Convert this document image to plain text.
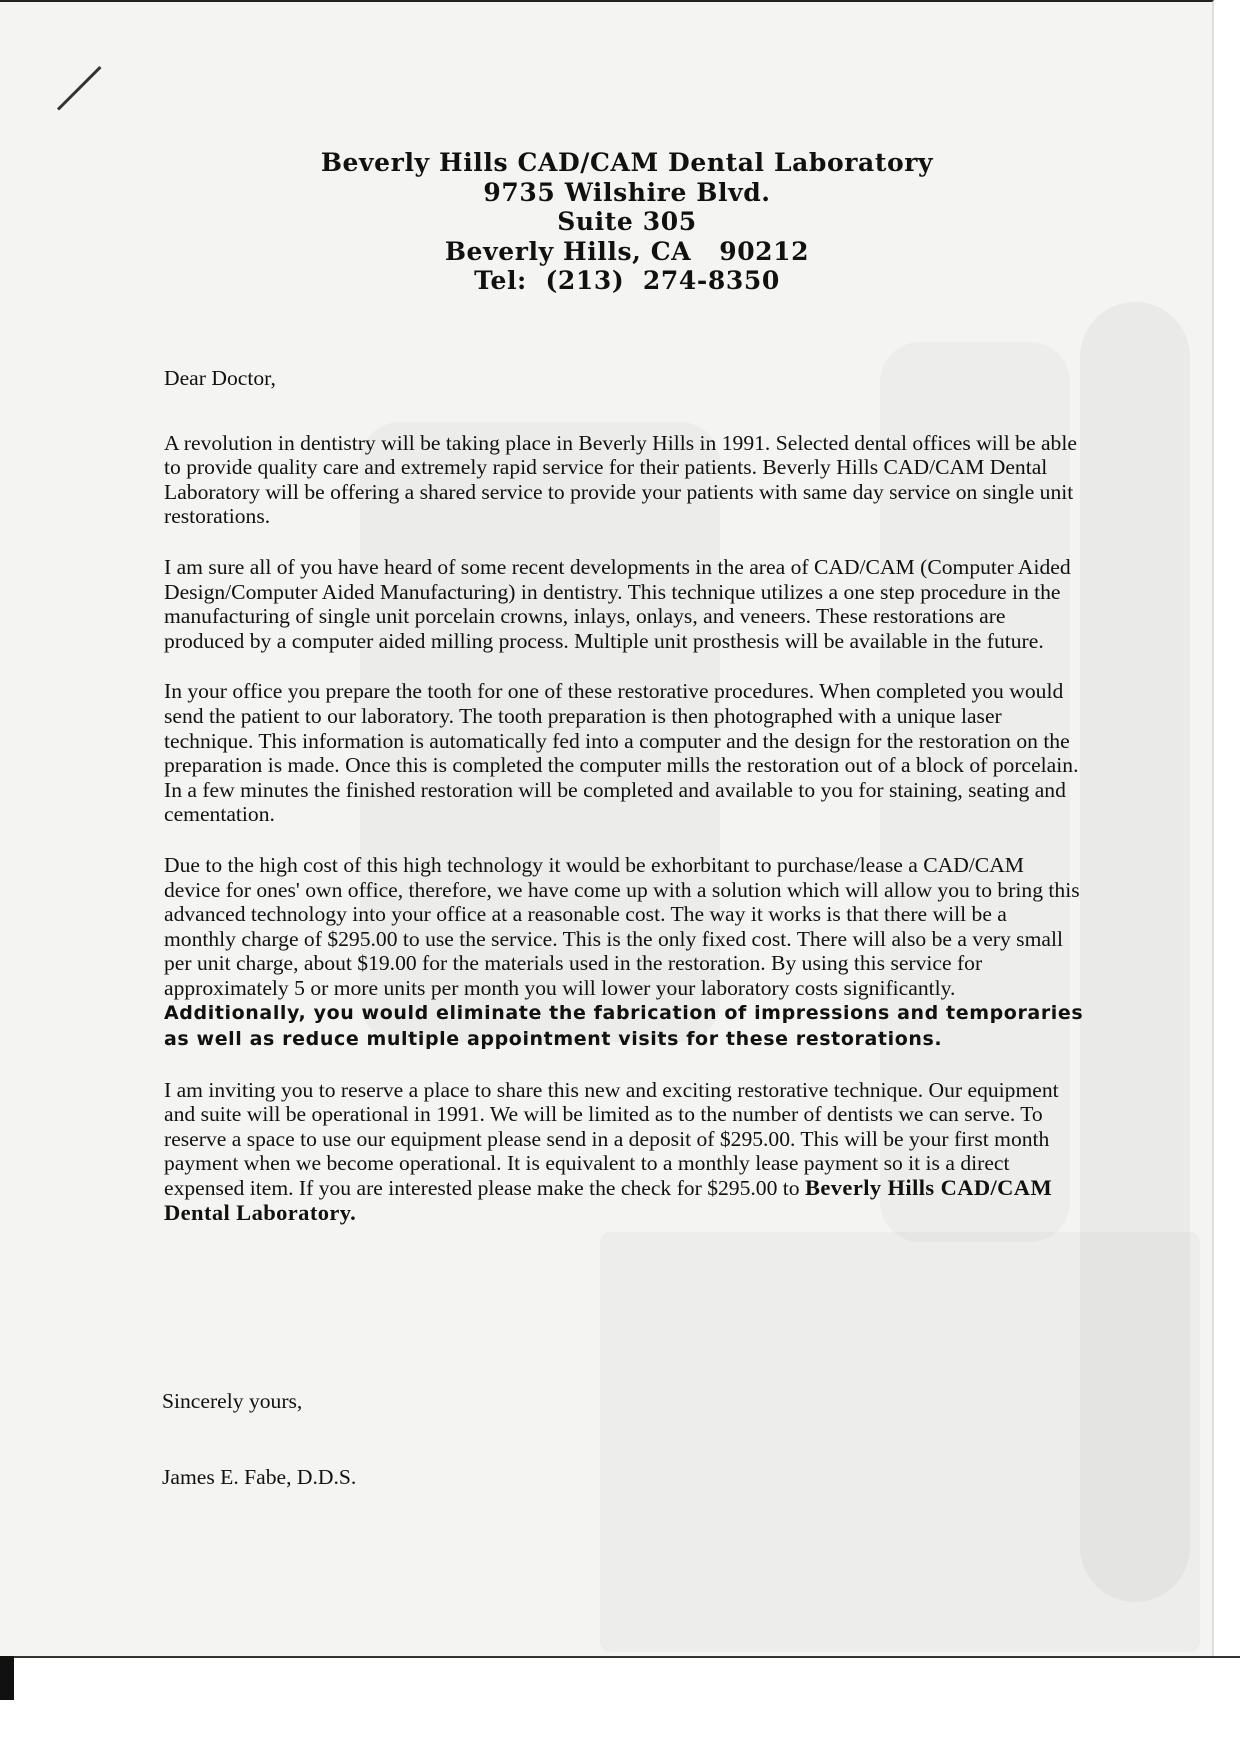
Beverly Hills CAD/CAM Dental Laboratory
9735 Wilshire Blvd.
Suite 305
Beverly Hills, CA   90212
Tel:  (213)  274-8350

Dear Doctor,

A revolution in dentistry will be taking place in Beverly Hills in 1991. Selected dental offices will be able to provide quality care and extremely rapid service for their patients. Beverly Hills CAD/CAM Dental Laboratory will be offering a shared service to provide your patients with same day service on single unit restorations.

I am sure all of you have heard of some recent developments in the area of CAD/CAM (Computer Aided Design/Computer Aided Manufacturing) in dentistry. This technique utilizes a one step procedure in the manufacturing of single unit porcelain crowns, inlays, onlays, and veneers. These restorations are produced by a computer aided milling process. Multiple unit prosthesis will be available in the future.

In your office you prepare the tooth for one of these restorative procedures. When completed you would send the patient to our laboratory. The tooth preparation is then photographed with a unique laser technique. This information is automatically fed into a computer and the design for the restoration on the preparation is made. Once this is completed the computer mills the restoration out of a block of porcelain. In a few minutes the finished restoration will be completed and available to you for staining, seating and cementation.

Due to the high cost of this high technology it would be exhorbitant to purchase/lease a CAD/CAM device for ones' own office, therefore, we have come up with a solution which will allow you to bring this advanced technology into your office at a reasonable cost. The way it works is that there will be a monthly charge of $295.00 to use the service. This is the only fixed cost. There will also be a very small per unit charge, about $19.00 for the materials used in the restoration. By using this service for approximately 5 or more units per month you will lower your laboratory costs significantly. Additionally, you would eliminate the fabrication of impressions and temporaries as well as reduce multiple appointment visits for these restorations.

I am inviting you to reserve a place to share this new and exciting restorative technique. Our equipment and suite will be operational in 1991. We will be limited as to the number of dentists we can serve. To reserve a space to use our equipment please send in a deposit of $295.00. This will be your first month payment when we become operational. It is equivalent to a monthly lease payment so it is a direct expensed item. If you are interested please make the check for $295.00 to Beverly Hills CAD/CAM Dental Laboratory.

Sincerely yours,
James E. Fabe, D.D.S.
